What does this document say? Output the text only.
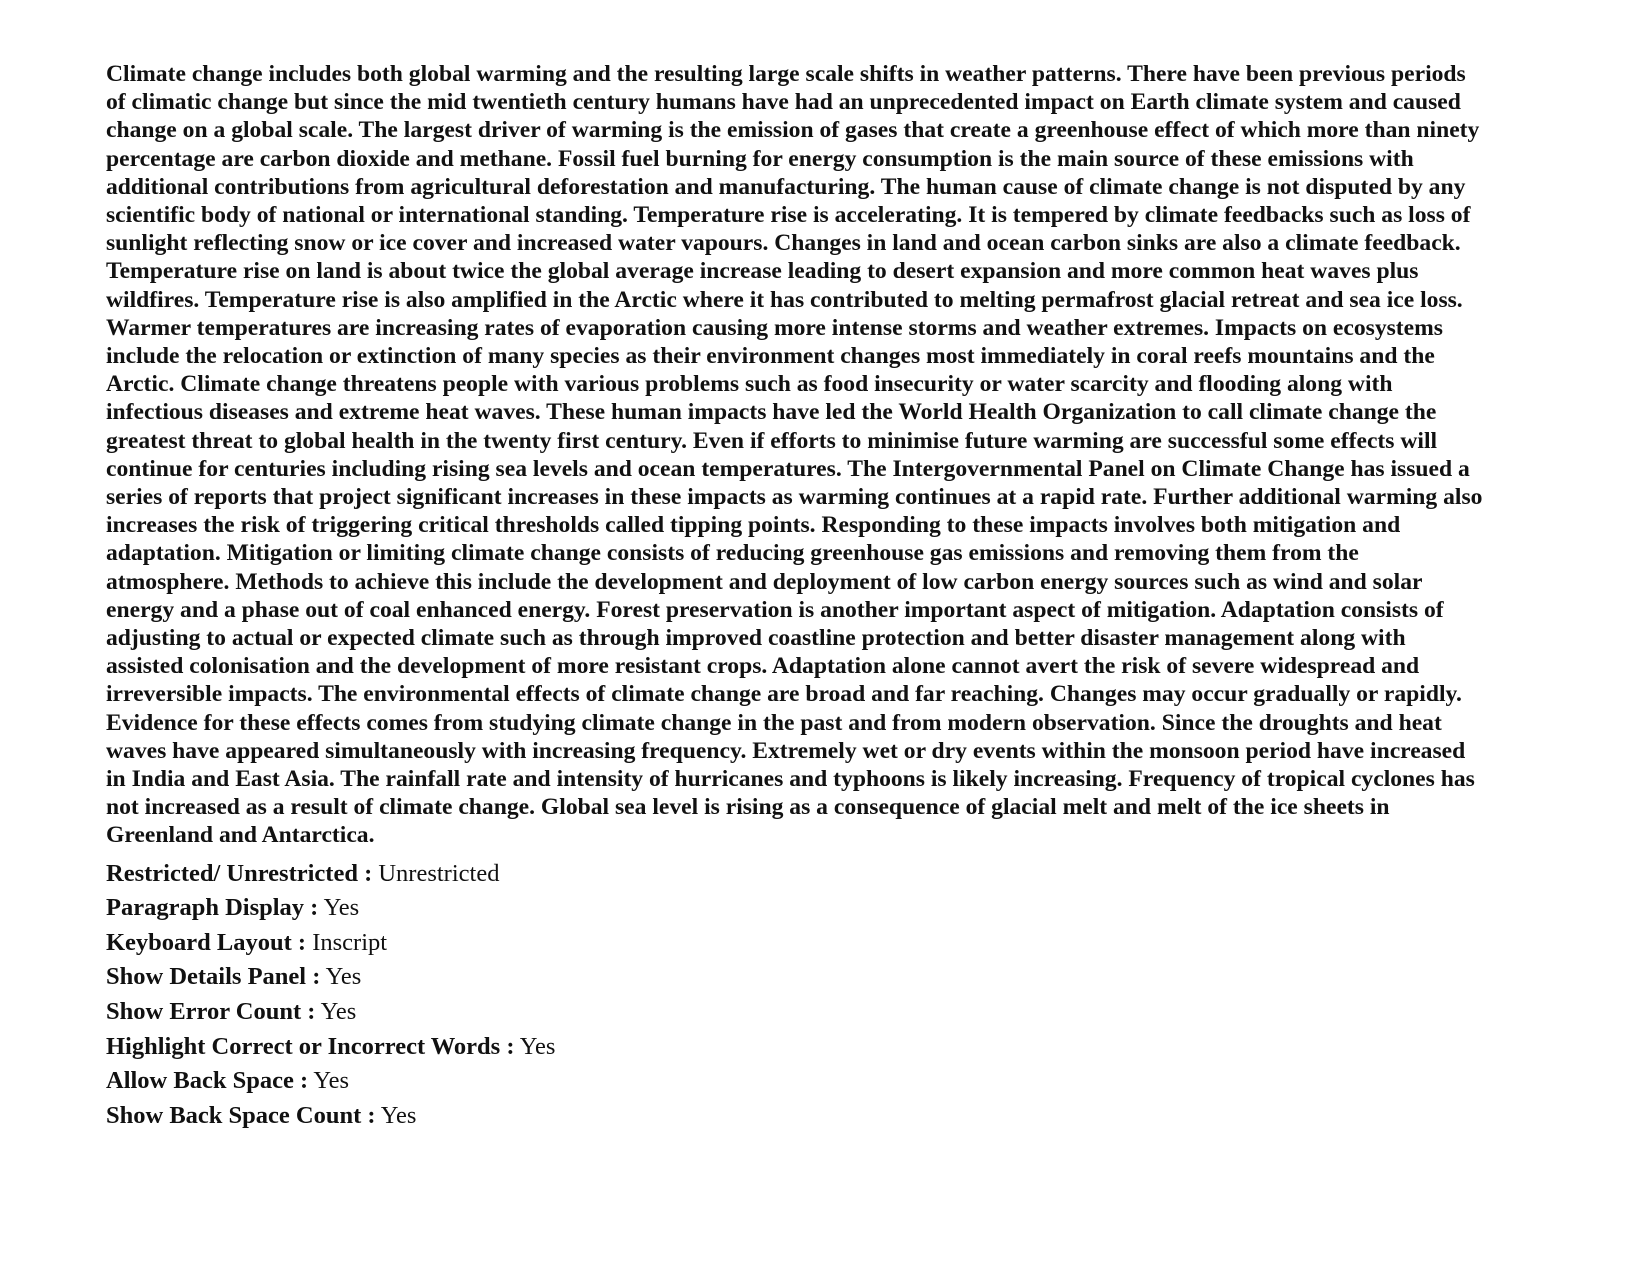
Climate change includes both global warming and the resulting large scale shifts in weather patterns. There have been previous periods
of climatic change but since the mid twentieth century humans have had an unprecedented impact on Earth climate system and caused
change on a global scale. The largest driver of warming is the emission of gases that create a greenhouse effect of which more than ninety
percentage are carbon dioxide and methane. Fossil fuel burning for energy consumption is the main source of these emissions with
additional contributions from agricultural deforestation and manufacturing. The human cause of climate change is not disputed by any
scientific body of national or international standing. Temperature rise is accelerating. It is tempered by climate feedbacks such as loss of
sunlight reflecting snow or ice cover and increased water vapours. Changes in land and ocean carbon sinks are also a climate feedback.
Temperature rise on land is about twice the global average increase leading to desert expansion and more common heat waves plus
wildfires. Temperature rise is also amplified in the Arctic where it has contributed to melting permafrost glacial retreat and sea ice loss.
Warmer temperatures are increasing rates of evaporation causing more intense storms and weather extremes. Impacts on ecosystems
include the relocation or extinction of many species as their environment changes most immediately in coral reefs mountains and the
Arctic. Climate change threatens people with various problems such as food insecurity or water scarcity and flooding along with
infectious diseases and extreme heat waves. These human impacts have led the World Health Organization to call climate change the
greatest threat to global health in the twenty first century. Even if efforts to minimise future warming are successful some effects will
continue for centuries including rising sea levels and ocean temperatures. The Intergovernmental Panel on Climate Change has issued a
series of reports that project significant increases in these impacts as warming continues at a rapid rate. Further additional warming also
increases the risk of triggering critical thresholds called tipping points. Responding to these impacts involves both mitigation and
adaptation. Mitigation or limiting climate change consists of reducing greenhouse gas emissions and removing them from the
atmosphere. Methods to achieve this include the development and deployment of low carbon energy sources such as wind and solar
energy and a phase out of coal enhanced energy. Forest preservation is another important aspect of mitigation. Adaptation consists of
adjusting to actual or expected climate such as through improved coastline protection and better disaster management along with
assisted colonisation and the development of more resistant crops. Adaptation alone cannot avert the risk of severe widespread and
irreversible impacts. The environmental effects of climate change are broad and far reaching. Changes may occur gradually or rapidly.
Evidence for these effects comes from studying climate change in the past and from modern observation. Since the droughts and heat
waves have appeared simultaneously with increasing frequency. Extremely wet or dry events within the monsoon period have increased
in India and East Asia. The rainfall rate and intensity of hurricanes and typhoons is likely increasing. Frequency of tropical cyclones has
not increased as a result of climate change. Global sea level is rising as a consequence of glacial melt and melt of the ice sheets in
Greenland and Antarctica.

Restricted/ Unrestricted : Unrestricted
Paragraph Display : Yes
Keyboard Layout : Inscript
Show Details Panel : Yes
Show Error Count : Yes
Highlight Correct or Incorrect Words : Yes
Allow Back Space : Yes
Show Back Space Count : Yes
